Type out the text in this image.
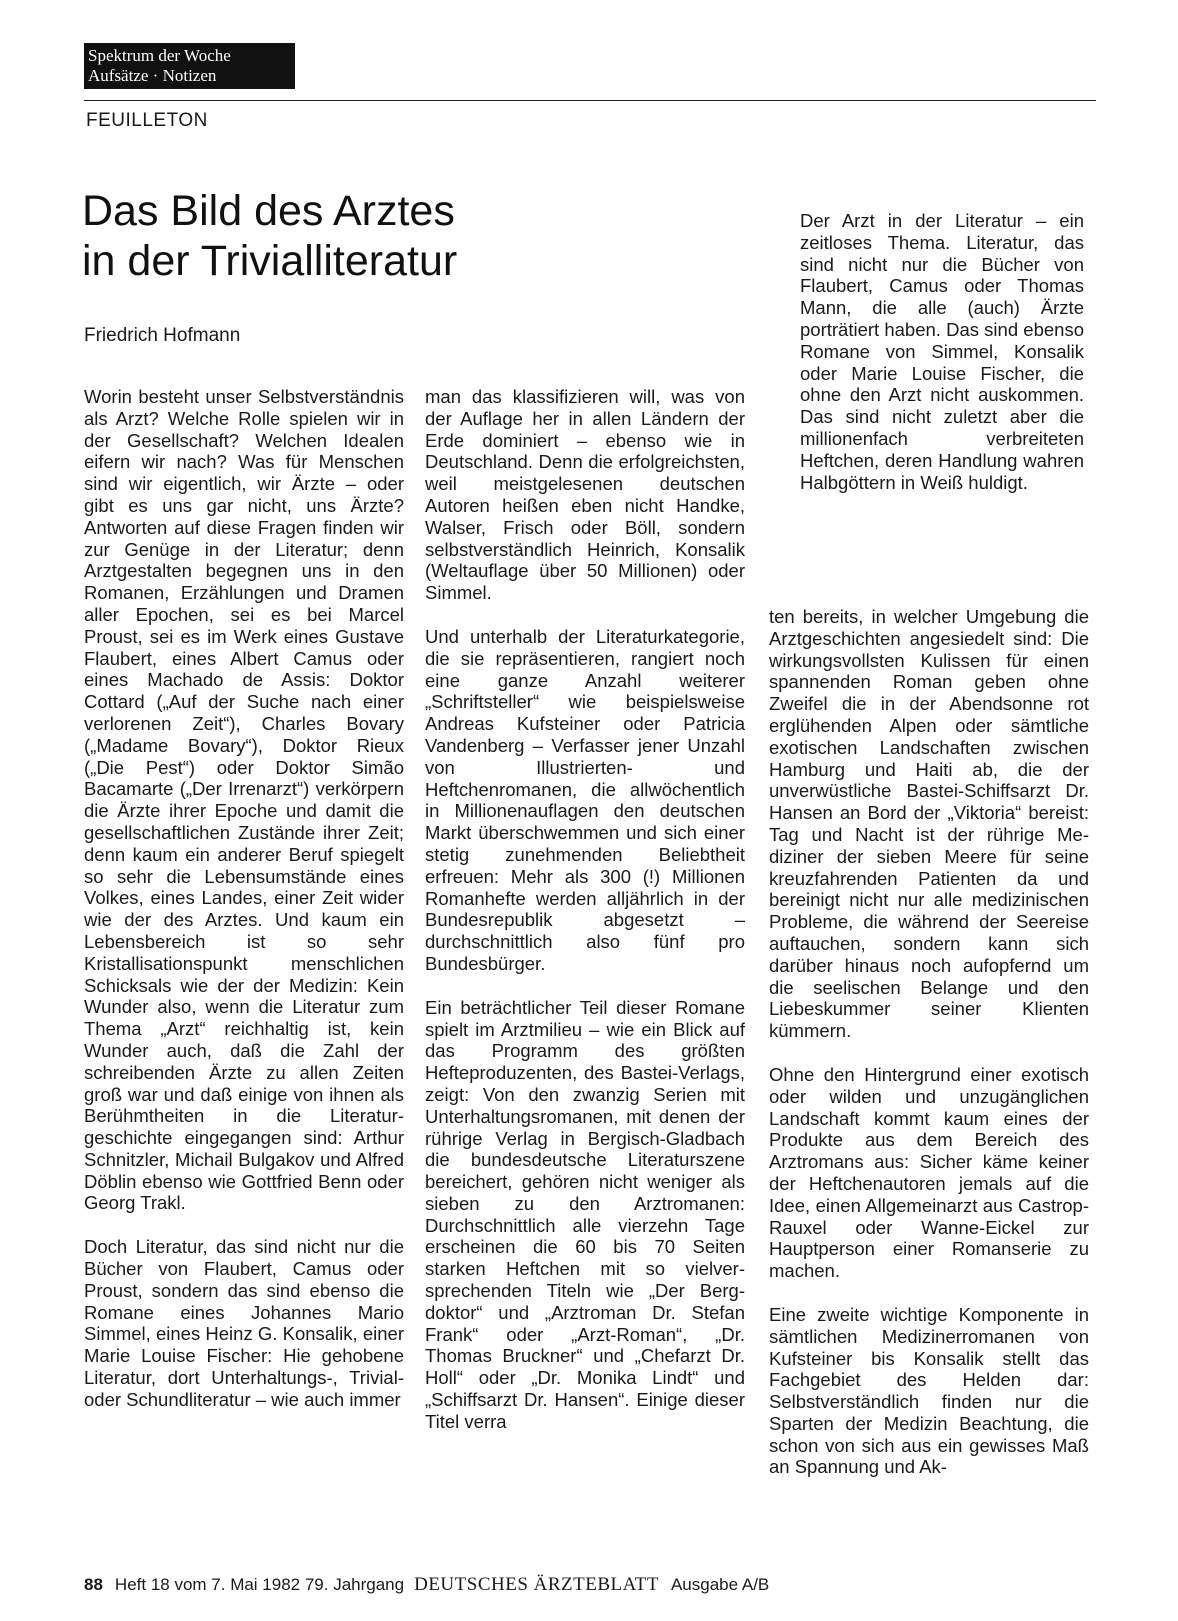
Spektrum der Woche
Aufsätze · Notizen
FEUILLETON
Das Bild des Arztes
in der Trivialliteratur
Friedrich Hofmann
Der Arzt in der Literatur – ein zeitloses Thema. Literatur, das sind nicht nur die Bücher von Flaubert, Camus oder Thomas Mann, die alle (auch) Ärzte porträtiert haben. Das sind ebenso Romane von Simmel, Konsalik oder Marie Louise Fischer, die ohne den Arzt nicht auskommen. Das sind nicht zuletzt aber die millionenfach verbreiteten Heftchen, deren Handlung wahren Halbgöttern in Weiß huldigt.

Worin besteht unser Selbstverständnis als Arzt? Welche Rolle spielen wir in der Gesellschaft? Welchen Idealen eifern wir nach? Was für Menschen sind wir eigentlich, wir Ärzte – oder gibt es uns gar nicht, uns Ärzte? Antworten auf diese Fragen finden wir zur Genüge in der Literatur; denn Arztgestalten begegnen uns in den Romanen, Erzählungen und Dramen aller Epochen, sei es bei Marcel Proust, sei es im Werk eines Gustave Flaubert, eines Albert Camus oder eines Machado de Assis: Doktor Cottard („Auf der Suche nach einer verlorenen Zeit“), Charles Bovary („Madame Bovary“), Doktor Rieux („Die Pest“) oder Doktor Simão Bacamarte („Der Irrenarzt“) verkörpern die Ärzte ihrer Epoche und damit die gesellschaftlichen Zustände ihrer Zeit; denn kaum ein anderer Beruf spiegelt so sehr die Lebensumstände eines Volkes, eines Landes, einer Zeit wider wie der des Arztes. Und kaum ein Lebensbereich ist so sehr Kristallisationspunkt menschlichen Schicksals wie der der Medizin: Kein Wunder also, wenn die Literatur zum Thema „Arzt“ reichhaltig ist, kein Wunder auch, daß die Zahl der schreibenden Ärzte zu allen Zeiten groß war und daß einige von ihnen als Berühmtheiten in die Literaturgeschichte eingegangen sind: Arthur Schnitzler, Michail Bulgakov und Alfred Döblin ebenso wie Gottfried Benn oder Georg Trakl.

Doch Literatur, das sind nicht nur die Bücher von Flaubert, Camus oder Proust, sondern das sind ebenso die Romane eines Johannes Mario Simmel, eines Heinz G. Konsalik, einer Marie Louise Fischer: Hie gehobene Literatur, dort Unterhaltungs-, Trivial- oder Schundliteratur – wie auch immer

man das klassifizieren will, was von der Auflage her in allen Ländern der Erde dominiert – ebenso wie in Deutschland. Denn die erfolgreichsten, weil meistgelesenen deutschen Autoren heißen eben nicht Handke, Walser, Frisch oder Böll, sondern selbstverständlich Heinrich, Konsalik (Weltauflage über 50 Millionen) oder Simmel.

Und unterhalb der Literaturkategorie, die sie repräsentieren, rangiert noch eine ganze Anzahl weiterer „Schriftsteller“ wie beispielsweise Andreas Kufsteiner oder Patricia Vandenberg – Verfasser jener Unzahl von Illustrierten- und Heftchenromanen, die allwöchentlich in Millionenauflagen den deutschen Markt überschwemmen und sich einer stetig zunehmenden Beliebtheit erfreuen: Mehr als 300 (!) Millionen Romanhefte werden alljährlich in der Bundesrepublik abgesetzt – durchschnittlich also fünf pro Bundesbürger.

Ein beträchtlicher Teil dieser Romane spielt im Arztmilieu – wie ein Blick auf das Programm des größten Hefteproduzenten, des Bastei-Verlags, zeigt: Von den zwanzig Serien mit Unterhaltungsromanen, mit denen der rührige Verlag in Bergisch-Gladbach die bundesdeutsche Literaturszene bereichert, gehören nicht weniger als sieben zu den Arztromanen: Durchschnittlich alle vierzehn Tage erscheinen die 60 bis 70 Seiten starken Heftchen mit so vielversprechenden Titeln wie „Der Bergdoktor“ und „Arztroman Dr. Stefan Frank“ oder „Arzt-Roman“, „Dr. Thomas Bruckner“ und „Chefarzt Dr. Holl“ oder „Dr. Monika Lindt“ und „Schiffsarzt Dr. Hansen“. Einige dieser Titel verra

ten bereits, in welcher Umgebung die Arztgeschichten angesiedelt sind: Die wirkungsvollsten Kulissen für einen spannenden Roman geben ohne Zweifel die in der Abendsonne rot erglühenden Alpen oder sämtliche exotischen Landschaften zwischen Hamburg und Haiti ab, die der unverwüstliche Bastei-Schiffsarzt Dr. Hansen an Bord der „Viktoria“ bereist: Tag und Nacht ist der rührige Mediziner der sieben Meere für seine kreuzfahrenden Patienten da und bereinigt nicht nur alle medizinischen Probleme, die während der Seereise auftauchen, sondern kann sich darüber hinaus noch aufopfernd um die seelischen Belange und den Liebeskummer seiner Klienten kümmern.

Ohne den Hintergrund einer exotisch oder wilden und unzugänglichen Landschaft kommt kaum eines der Produkte aus dem Bereich des Arztromans aus: Sicher käme keiner der Heftchenautoren jemals auf die Idee, einen Allgemeinarzt aus Castrop-Rauxel oder Wanne-Eickel zur Hauptperson einer Romanserie zu machen.

Eine zweite wichtige Komponente in sämtlichen Medizinerromanen von Kufsteiner bis Konsalik stellt das Fachgebiet des Helden dar: Selbstverständlich finden nur die Sparten der Medizin Beachtung, die schon von sich aus ein gewisses Maß an Spannung und Ak-

88 Heft 18 vom 7. Mai 1982 79. Jahrgang DEUTSCHES ÄRZTEBLATT Ausgabe A/B
